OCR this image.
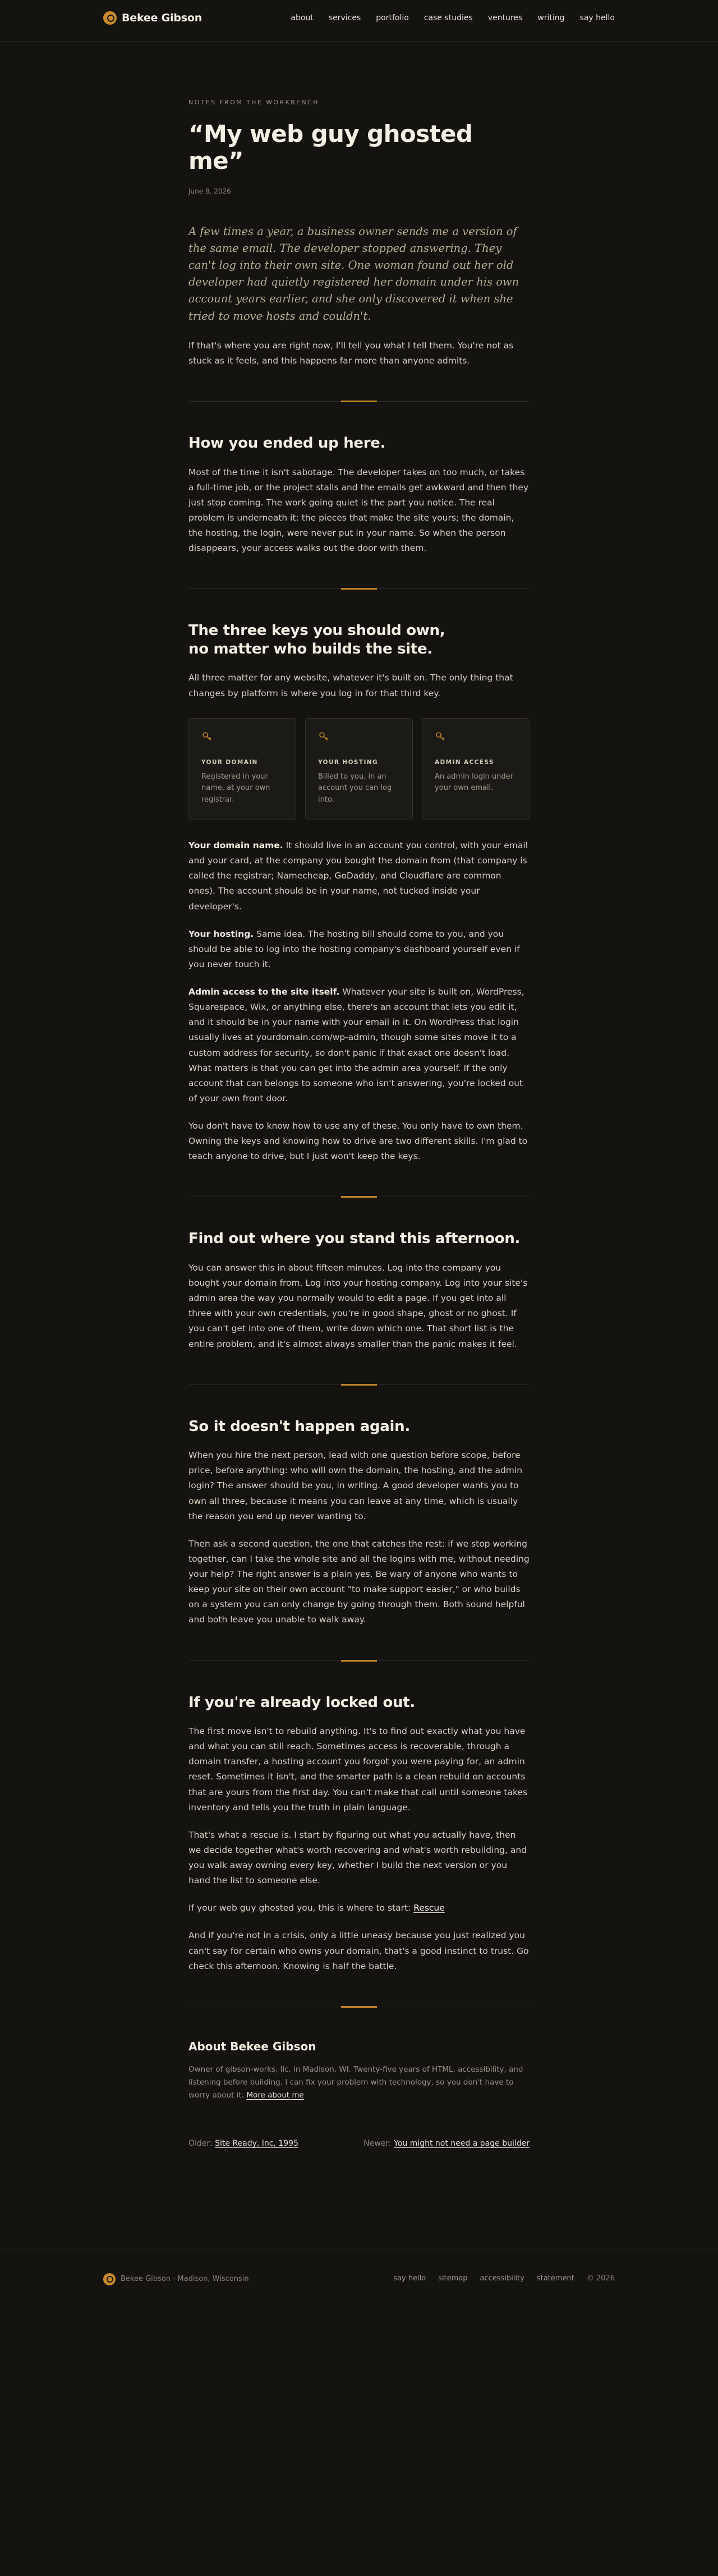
Bekee Gibson	about services portfolio case studies ventures writing say hello
NOTES FROM THE WORKBENCH
“My web guy ghosted me”
June 8, 2026

A few times a year, a business owner sends me a version of the same email. The developer stopped answering. They can't log into their own site. One woman found out her old developer had quietly registered her domain under his own account years earlier, and she only discovered it when she tried to move hosts and couldn't.

If that's where you are right now, I'll tell you what I tell them. You're not as stuck as it feels, and this happens far more than anyone admits.

How you ended up here.

Most of the time it isn't sabotage. The developer takes on too much, or takes a full-time job, or the project stalls and the emails get awkward and then they just stop coming. The work going quiet is the part you notice. The real problem is underneath it: the pieces that make the site yours; the domain, the hosting, the login, were never put in your name. So when the person disappears, your access walks out the door with them.

The three keys you should own, no matter who builds the site.

All three matter for any website, whatever it's built on. The only thing that changes by platform is where you log in for that third key.

YOUR DOMAIN
Registered in your name, at your own registrar.
YOUR HOSTING
Billed to you, in an account you can log into.
ADMIN ACCESS
An admin login under your own email.

Your domain name. It should live in an account you control, with your email and your card, at the company you bought the domain from (that company is called the registrar; Namecheap, GoDaddy, and Cloudflare are common ones). The account should be in your name, not tucked inside your developer's.

Your hosting. Same idea. The hosting bill should come to you, and you should be able to log into the hosting company's dashboard yourself even if you never touch it.

Admin access to the site itself. Whatever your site is built on, WordPress, Squarespace, Wix, or anything else, there's an account that lets you edit it, and it should be in your name with your email in it. On WordPress that login usually lives at yourdomain.com/wp-admin, though some sites move it to a custom address for security, so don't panic if that exact one doesn't load. What matters is that you can get into the admin area yourself. If the only account that can belongs to someone who isn't answering, you're locked out of your own front door.

You don't have to know how to use any of these. You only have to own them. Owning the keys and knowing how to drive are two different skills. I'm glad to teach anyone to drive, but I just won't keep the keys.

Find out where you stand this afternoon.

You can answer this in about fifteen minutes. Log into the company you bought your domain from. Log into your hosting company. Log into your site's admin area the way you normally would to edit a page. If you get into all three with your own credentials, you're in good shape, ghost or no ghost. If you can't get into one of them, write down which one. That short list is the entire problem, and it's almost always smaller than the panic makes it feel.

So it doesn't happen again.

When you hire the next person, lead with one question before scope, before price, before anything: who will own the domain, the hosting, and the admin login? The answer should be you, in writing. A good developer wants you to own all three, because it means you can leave at any time, which is usually the reason you end up never wanting to.

Then ask a second question, the one that catches the rest: if we stop working together, can I take the whole site and all the logins with me, without needing your help? The right answer is a plain yes. Be wary of anyone who wants to keep your site on their own account "to make support easier," or who builds on a system you can only change by going through them. Both sound helpful and both leave you unable to walk away.

If you're already locked out.

The first move isn't to rebuild anything. It's to find out exactly what you have and what you can still reach. Sometimes access is recoverable, through a domain transfer, a hosting account you forgot you were paying for, an admin reset. Sometimes it isn't, and the smarter path is a clean rebuild on accounts that are yours from the first day. You can't make that call until someone takes inventory and tells you the truth in plain language.

That's what a rescue is. I start by figuring out what you actually have, then we decide together what's worth recovering and what's worth rebuilding, and you walk away owning every key, whether I build the next version or you hand the list to someone else.

If your web guy ghosted you, this is where to start: Rescue

And if you're not in a crisis, only a little uneasy because you just realized you can't say for certain who owns your domain, that's a good instinct to trust. Go check this afternoon. Knowing is half the battle.

About Bekee Gibson

Owner of gibson-works, llc, in Madison, WI. Twenty-five years of HTML, accessibility, and listening before building. I can fix your problem with technology, so you don't have to worry about it. More about me

Older: Site Ready, Inc, 1995	Newer: You might not need a page builder
Bekee Gibson · Madison, Wisconsin	say hello sitemap accessibility statement © 2026
